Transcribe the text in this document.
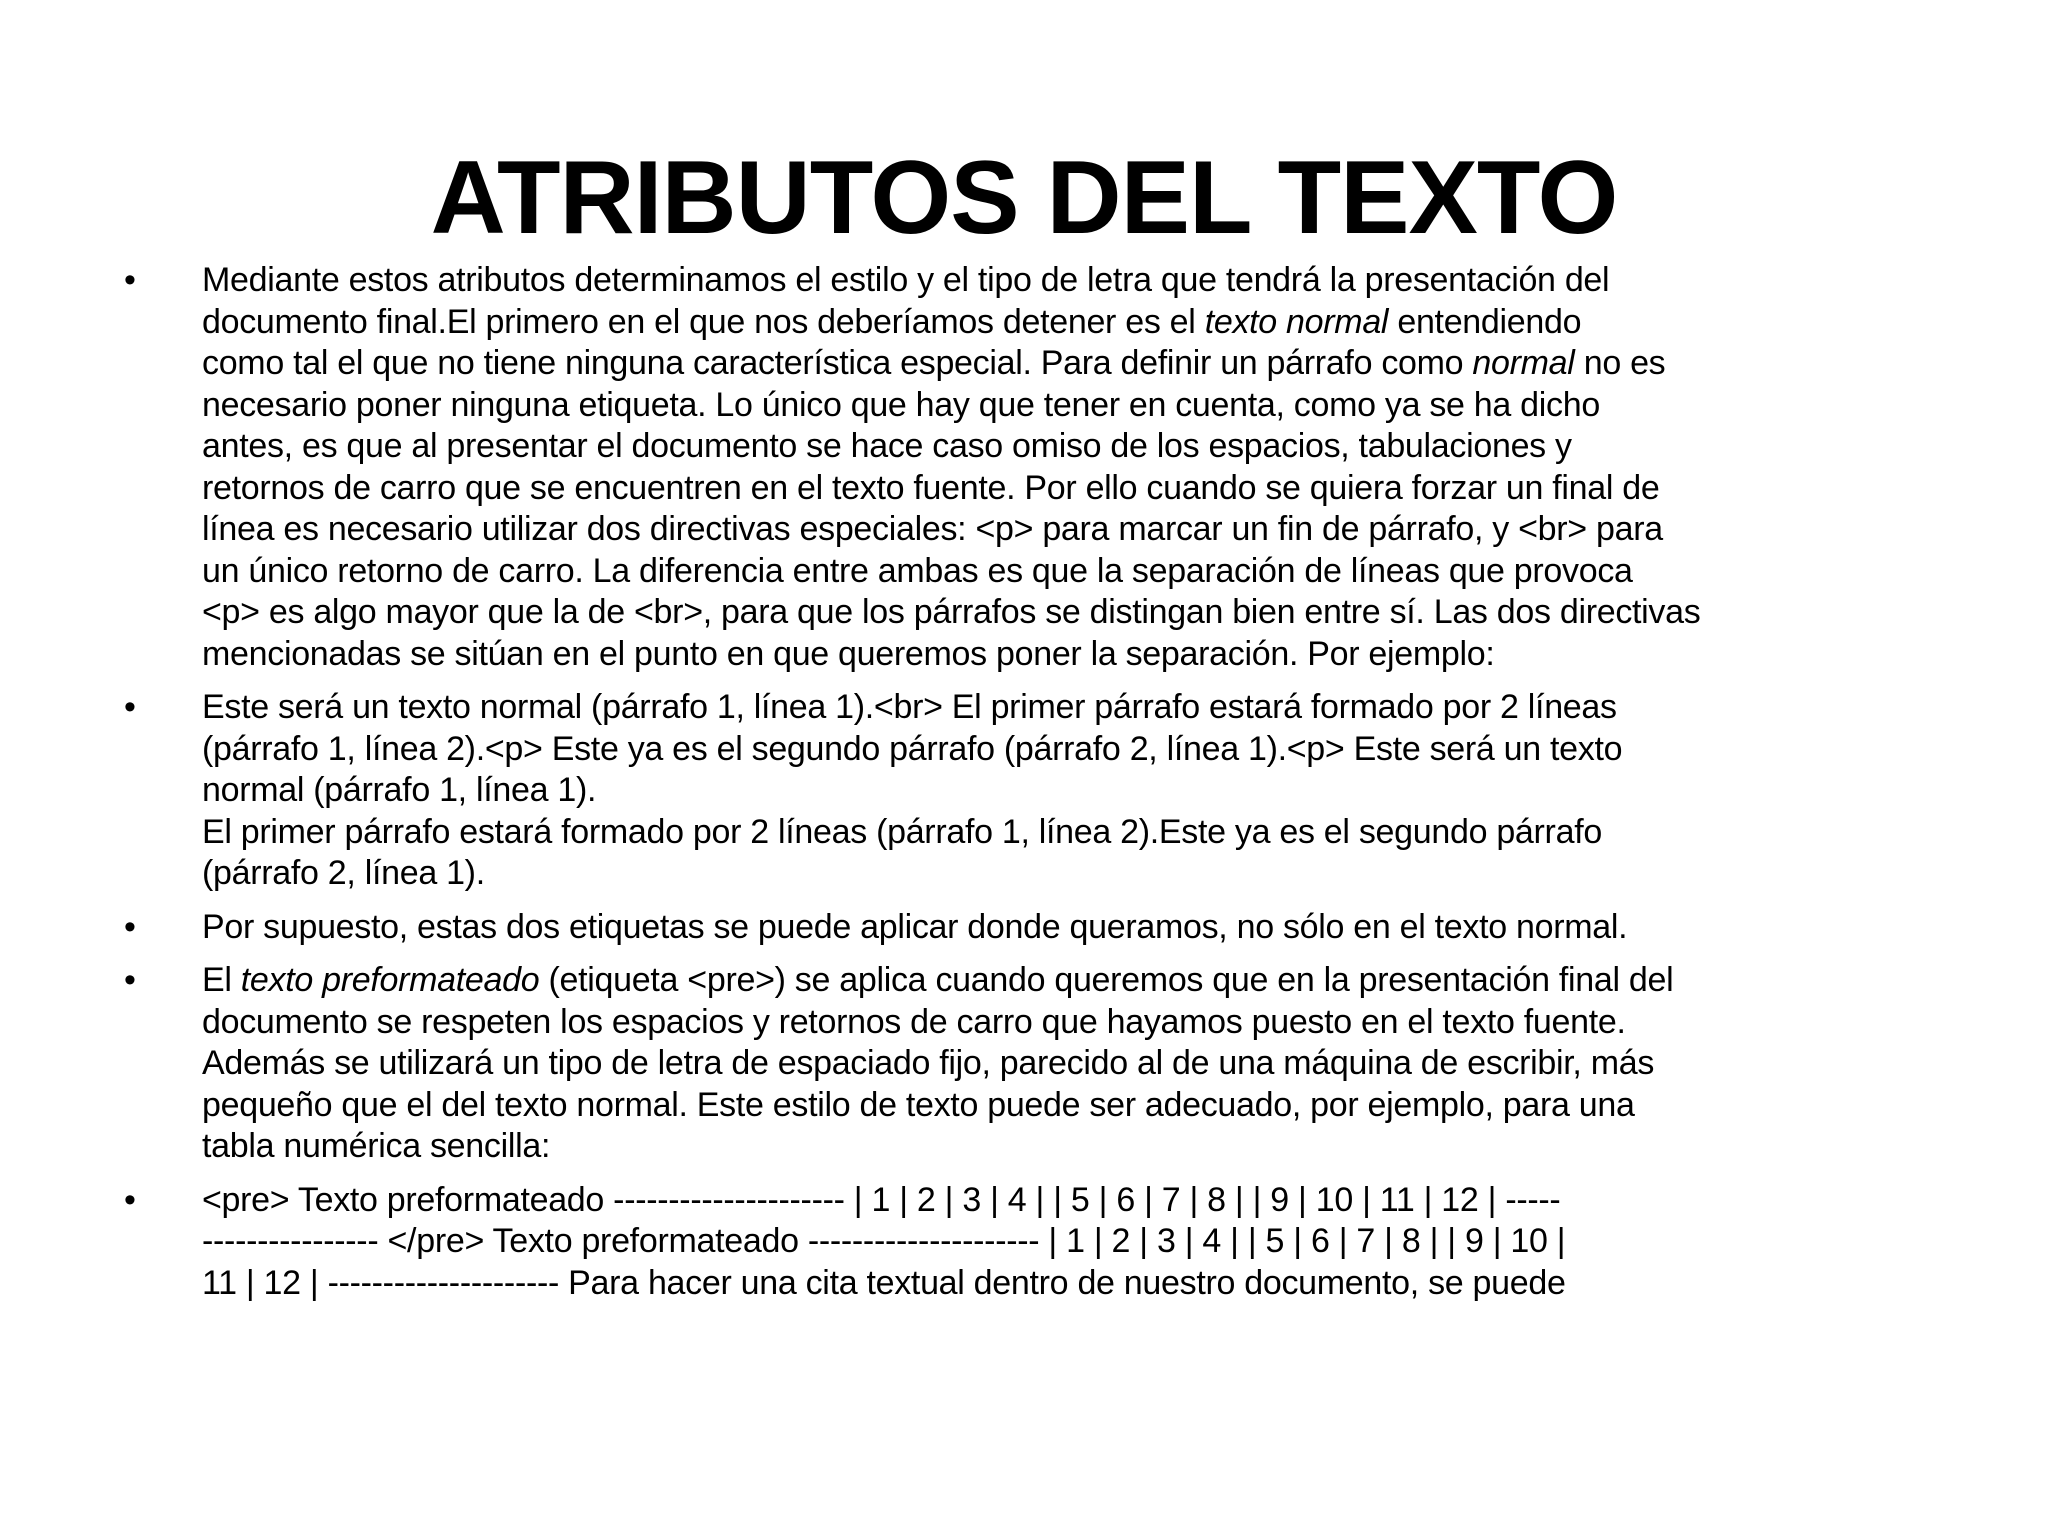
ATRIBUTOS DEL TEXTO
• Mediante estos atributos determinamos el estilo y el tipo de letra que tendrá la presentación del
documento final.El primero en el que nos deberíamos detener es el texto normal entendiendo
como tal el que no tiene ninguna característica especial. Para definir un párrafo como normal no es
necesario poner ninguna etiqueta. Lo único que hay que tener en cuenta, como ya se ha dicho
antes, es que al presentar el documento se hace caso omiso de los espacios, tabulaciones y
retornos de carro que se encuentren en el texto fuente. Por ello cuando se quiera forzar un final de
línea es necesario utilizar dos directivas especiales: <p> para marcar un fin de párrafo, y <br> para
un único retorno de carro. La diferencia entre ambas es que la separación de líneas que provoca
<p> es algo mayor que la de <br>, para que los párrafos se distingan bien entre sí. Las dos directivas
mencionadas se sitúan en el punto en que queremos poner la separación. Por ejemplo:
• Este será un texto normal (párrafo 1, línea 1).<br> El primer párrafo estará formado por 2 líneas
(párrafo 1, línea 2).<p> Este ya es el segundo párrafo (párrafo 2, línea 1).<p> Este será un texto
normal (párrafo 1, línea 1).
El primer párrafo estará formado por 2 líneas (párrafo 1, línea 2).Este ya es el segundo párrafo
(párrafo 2, línea 1).
• Por supuesto, estas dos etiquetas se puede aplicar donde queramos, no sólo en el texto normal.
• El texto preformateado (etiqueta <pre>) se aplica cuando queremos que en la presentación final del
documento se respeten los espacios y retornos de carro que hayamos puesto en el texto fuente.
Además se utilizará un tipo de letra de espaciado fijo, parecido al de una máquina de escribir, más
pequeño que el del texto normal. Este estilo de texto puede ser adecuado, por ejemplo, para una
tabla numérica sencilla:
• <pre> Texto preformateado --------------------- | 1 | 2 | 3 | 4 | | 5 | 6 | 7 | 8 | | 9 | 10 | 11 | 12 | -----
---------------- </pre> Texto preformateado --------------------- | 1 | 2 | 3 | 4 | | 5 | 6 | 7 | 8 | | 9 | 10 |
11 | 12 | --------------------- Para hacer una cita textual dentro de nuestro documento, se puede
